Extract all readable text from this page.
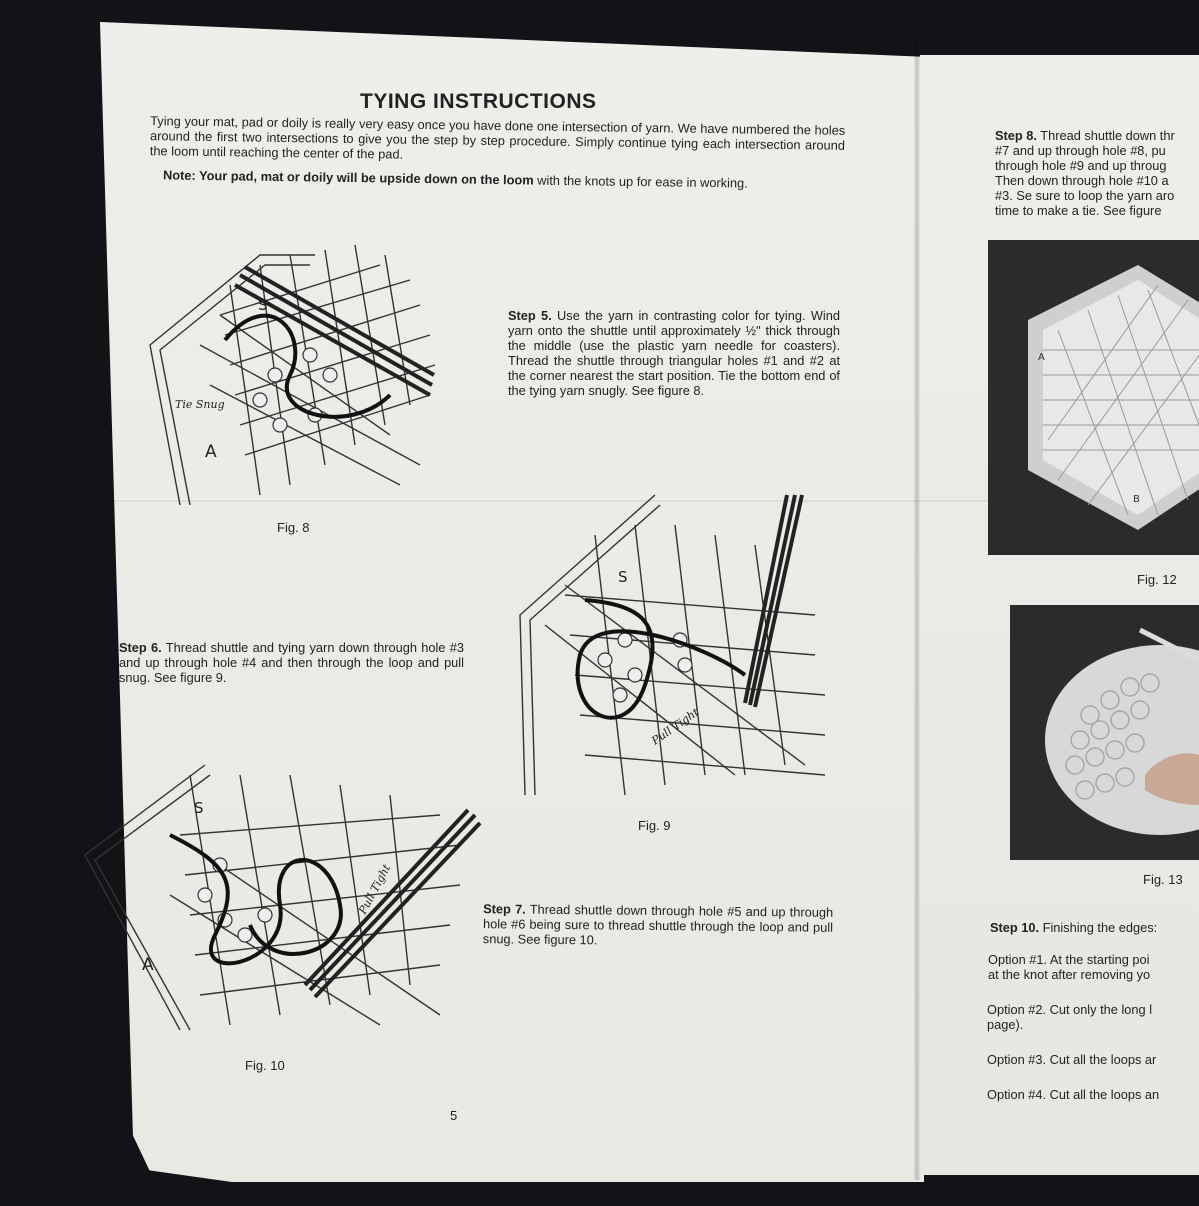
TYING INSTRUCTIONS
Tying your mat, pad or doily is really very easy once you have done one intersection of yarn. We have numbered the holes around the first two intersections to give you the step by step procedure. Simply continue tying each intersection around the loom until reaching the center of the pad.
Note: Your pad, mat or doily will be upside down on the loom with the knots up for ease in working.
Step 5. Use the yarn in contrasting color for tying. Wind yarn onto the shuttle until approximately ½" thick through the middle (use the plastic yarn needle for coasters). Thread the shuttle through triangular holes #1 and #2 at the corner nearest the start position. Tie the bottom end of the tying yarn snugly. See figure 8.
Step 6. Thread shuttle and tying yarn down through hole #3 and up through hole #4 and then through the loop and pull snug. See figure 9.
Step 7. Thread shuttle down through hole #5 and up through hole #6 being sure to thread shuttle through the loop and pull snug. See figure 10.
Fig. 8
Fig. 9
Fig. 10
5
S
Tie Snug
A
S
Pull Tight
S
Pull Tight
A
Step 8. Thread shuttle down thr
#7 and up through hole #8, pu
through hole #9 and up throug
Then down through hole #10 a
#3. Se sure to loop the yarn aro
time to make a tie. See figure
A
B
Fig. 12
Fig. 13
Step 10. Finishing the edges:
Option #1. At the starting poi
at the knot after removing yo
Option #2. Cut only the long l
page).
Option #3. Cut all the loops ar
Option #4. Cut all the loops an
